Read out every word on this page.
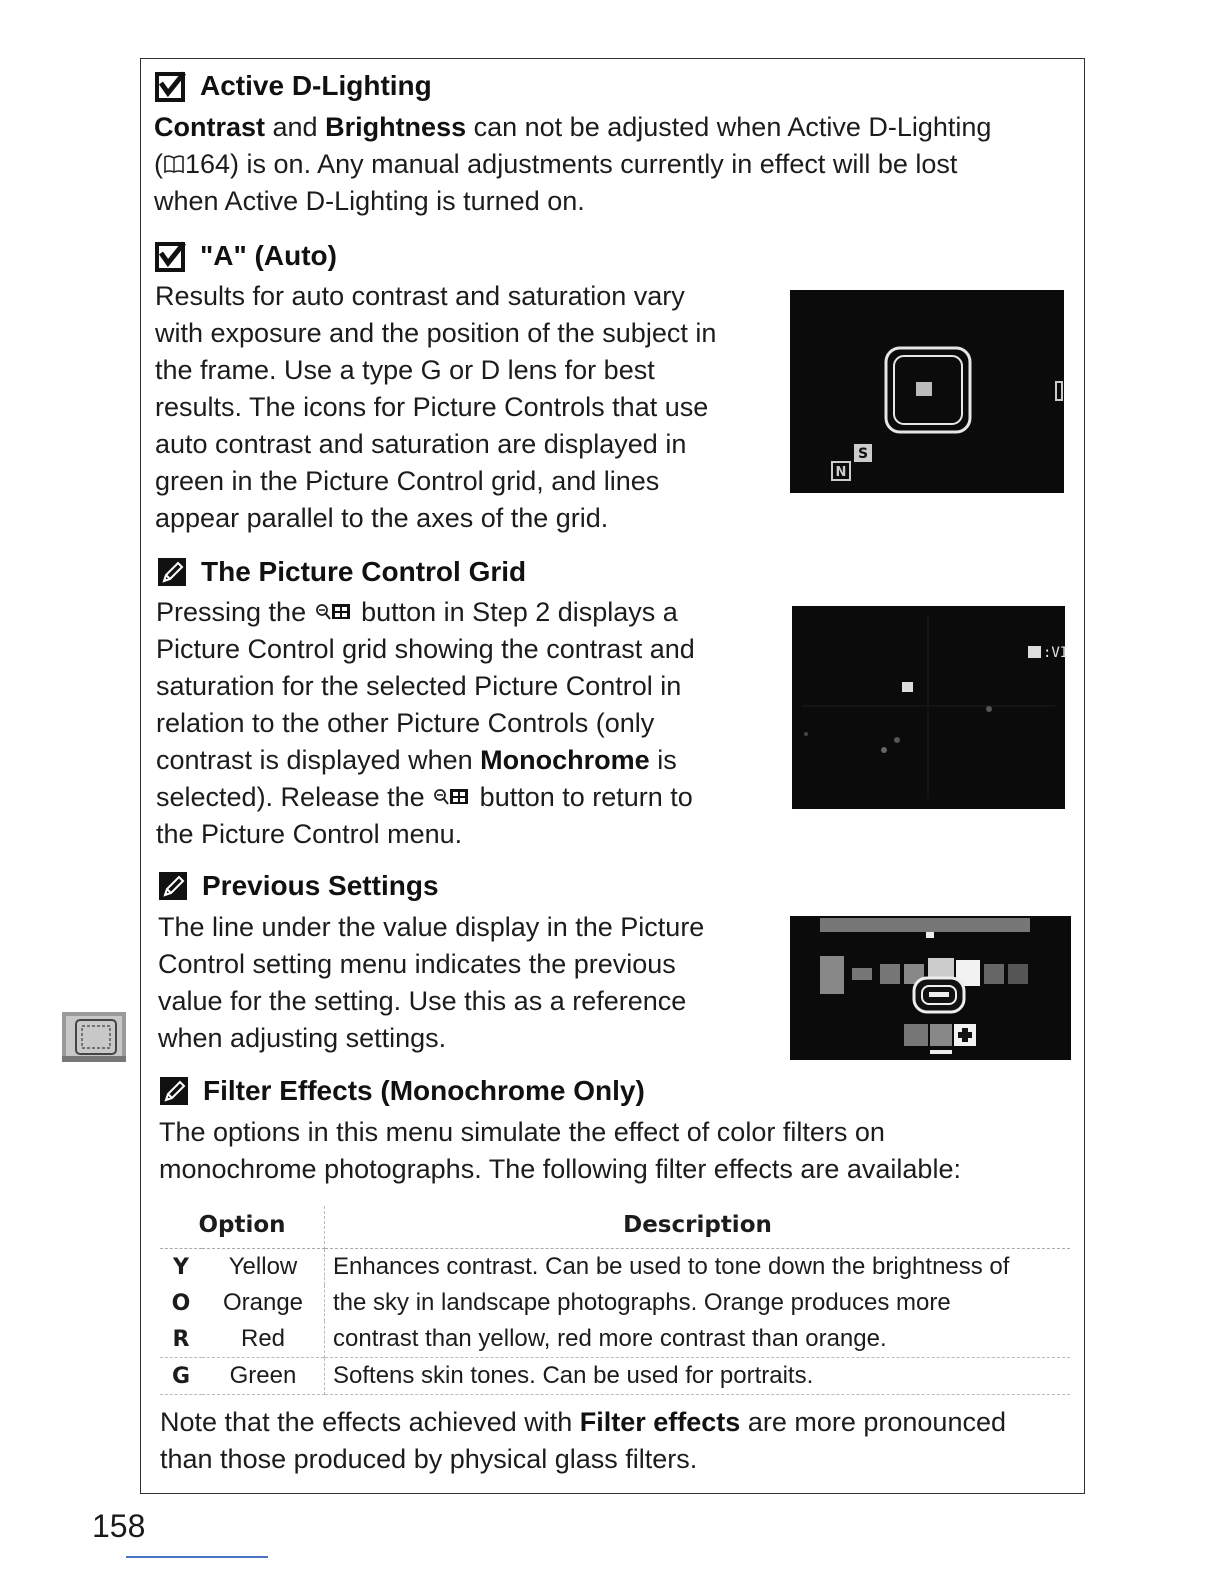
Active D-Lighting
Contrast and Brightness can not be adjusted when Active D-Lighting
( 164) is on. Any manual adjustments currently in effect will be lost
when Active D-Lighting is turned on.
"A" (Auto)
Results for auto contrast and saturation vary
with exposure and the position of the subject in
the frame. Use a type G or D lens for best
results. The icons for Picture Controls that use
auto contrast and saturation are displayed in
green in the Picture Control grid, and lines
appear parallel to the axes of the grid.
S
N
The Picture Control Grid
Pressing the  button in Step 2 displays a
Picture Control grid showing the contrast and
saturation for the selected Picture Control in
relation to the other Picture Controls (only
contrast is displayed when Monochrome is
selected). Release the  button to return to
the Picture Control menu.
:VI
Previous Settings
The line under the value display in the Picture
Control setting menu indicates the previous
value for the setting. Use this as a reference
when adjusting settings.
Filter Effects (Monochrome Only)
The options in this menu simulate the effect of color filters on
monochrome photographs. The following filter effects are available:
Option		Description
Y	Yellow	Enhances contrast. Can be used to tone down the brightness of
O	Orange	the sky in landscape photographs. Orange produces more
R	Red	contrast than yellow, red more contrast than orange.
G	Green	Softens skin tones. Can be used for portraits.
Note that the effects achieved with Filter effects are more pronounced
than those produced by physical glass filters.
158
